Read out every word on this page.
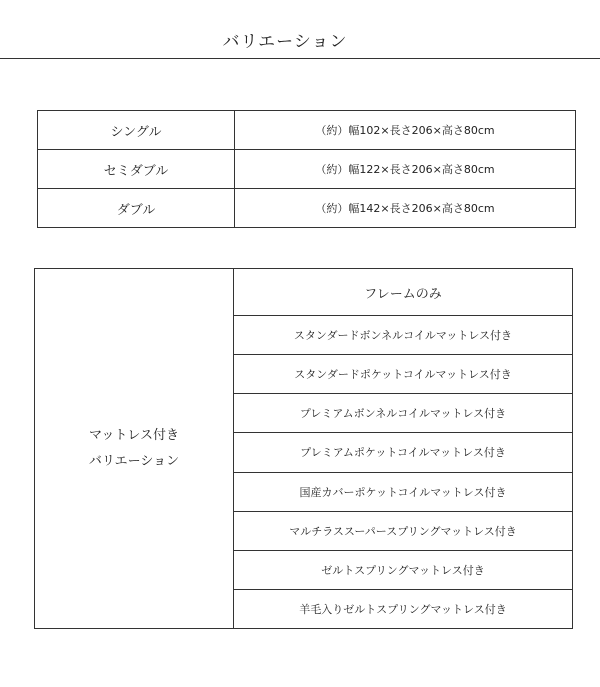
バリエーション
シングル	（約）幅102×長さ206×高さ80cm
セミダブル	（約）幅122×長さ206×高さ80cm
ダブル	（約）幅142×長さ206×高さ80cm
マットレス付き
バリエーション
	フレームのみ
スタンダードボンネルコイルマットレス付き
スタンダードポケットコイルマットレス付き
プレミアムボンネルコイルマットレス付き
プレミアムポケットコイルマットレス付き
国産カバーポケットコイルマットレス付き
マルチラススーパースプリングマットレス付き
ゼルトスプリングマットレス付き
羊毛入りゼルトスプリングマットレス付き
